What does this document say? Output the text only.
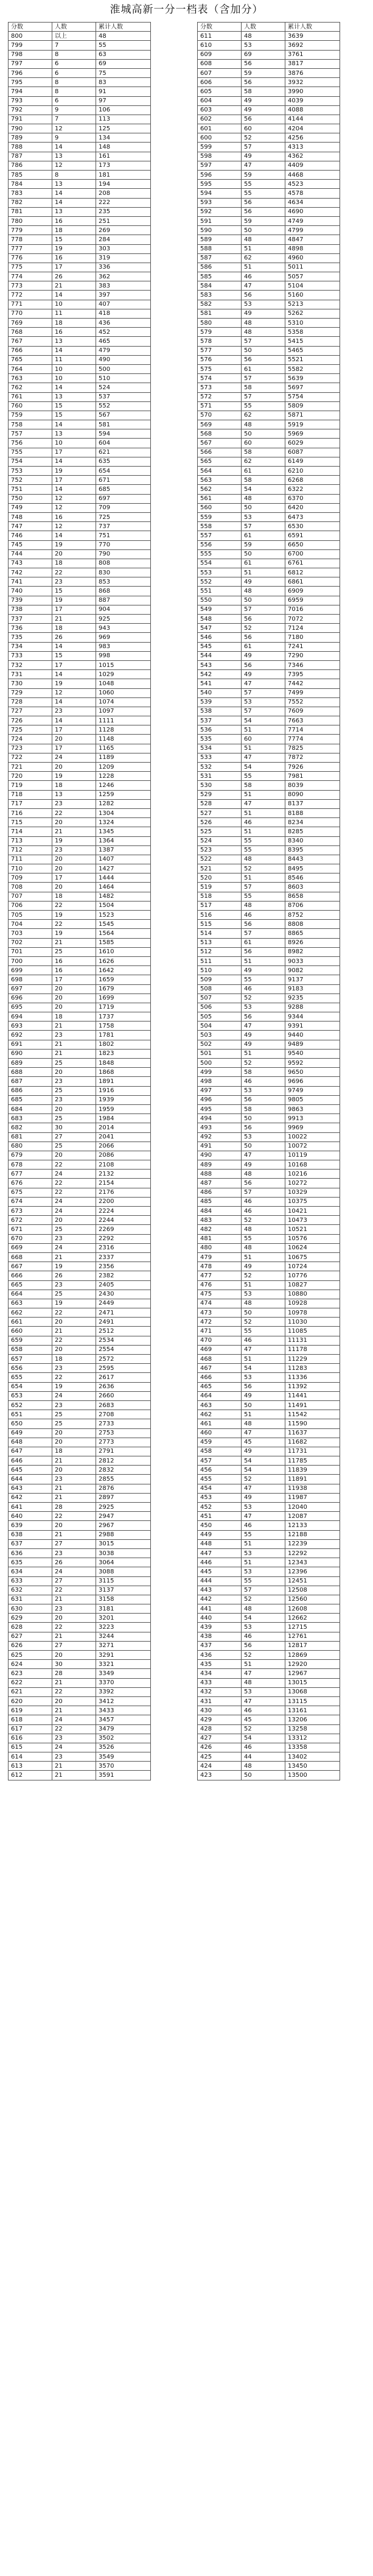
淮城高新一分一档表（含加分）
分数	人数	累计人数
800	以上	48
799	7	55
798	8	63
797	6	69
796	6	75
795	8	83
794	8	91
793	6	97
792	9	106
791	7	113
790	12	125
789	9	134
788	14	148
787	13	161
786	12	173
785	8	181
784	13	194
783	14	208
782	14	222
781	13	235
780	16	251
779	18	269
778	15	284
777	19	303
776	16	319
775	17	336
774	26	362
773	21	383
772	14	397
771	10	407
770	11	418
769	18	436
768	16	452
767	13	465
766	14	479
765	11	490
764	10	500
763	10	510
762	14	524
761	13	537
760	15	552
759	15	567
758	14	581
757	13	594
756	10	604
755	17	621
754	14	635
753	19	654
752	17	671
751	14	685
750	12	697
749	12	709
748	16	725
747	12	737
746	14	751
745	19	770
744	20	790
743	18	808
742	22	830
741	23	853
740	15	868
739	19	887
738	17	904
737	21	925
736	18	943
735	26	969
734	14	983
733	15	998
732	17	1015
731	14	1029
730	19	1048
729	12	1060
728	14	1074
727	23	1097
726	14	1111
725	17	1128
724	20	1148
723	17	1165
722	24	1189
721	20	1209
720	19	1228
719	18	1246
718	13	1259
717	23	1282
716	22	1304
715	20	1324
714	21	1345
713	19	1364
712	23	1387
711	20	1407
710	20	1427
709	17	1444
708	20	1464
707	18	1482
706	22	1504
705	19	1523
704	22	1545
703	19	1564
702	21	1585
701	25	1610
700	16	1626
699	16	1642
698	17	1659
697	20	1679
696	20	1699
695	20	1719
694	18	1737
693	21	1758
692	23	1781
691	21	1802
690	21	1823
689	25	1848
688	20	1868
687	23	1891
686	25	1916
685	23	1939
684	20	1959
683	25	1984
682	30	2014
681	27	2041
680	25	2066
679	20	2086
678	22	2108
677	24	2132
676	22	2154
675	22	2176
674	24	2200
673	24	2224
672	20	2244
671	25	2269
670	23	2292
669	24	2316
668	21	2337
667	19	2356
666	26	2382
665	23	2405
664	25	2430
663	19	2449
662	22	2471
661	20	2491
660	21	2512
659	22	2534
658	20	2554
657	18	2572
656	23	2595
655	22	2617
654	19	2636
653	24	2660
652	23	2683
651	25	2708
650	25	2733
649	20	2753
648	20	2773
647	18	2791
646	21	2812
645	20	2832
644	23	2855
643	21	2876
642	21	2897
641	28	2925
640	22	2947
639	20	2967
638	21	2988
637	27	3015
636	23	3038
635	26	3064
634	24	3088
633	27	3115
632	22	3137
631	21	3158
630	23	3181
629	20	3201
628	22	3223
627	21	3244
626	27	3271
625	20	3291
624	30	3321
623	28	3349
622	21	3370
621	22	3392
620	20	3412
619	21	3433
618	24	3457
617	22	3479
616	23	3502
615	24	3526
614	23	3549
613	21	3570
612	21	3591
分数	人数	累计人数
611	48	3639
610	53	3692
609	69	3761
608	56	3817
607	59	3876
606	56	3932
605	58	3990
604	49	4039
603	49	4088
602	56	4144
601	60	4204
600	52	4256
599	57	4313
598	49	4362
597	47	4409
596	59	4468
595	55	4523
594	55	4578
593	56	4634
592	56	4690
591	59	4749
590	50	4799
589	48	4847
588	51	4898
587	62	4960
586	51	5011
585	46	5057
584	47	5104
583	56	5160
582	53	5213
581	49	5262
580	48	5310
579	48	5358
578	57	5415
577	50	5465
576	56	5521
575	61	5582
574	57	5639
573	58	5697
572	57	5754
571	55	5809
570	62	5871
569	48	5919
568	50	5969
567	60	6029
566	58	6087
565	62	6149
564	61	6210
563	58	6268
562	54	6322
561	48	6370
560	50	6420
559	53	6473
558	57	6530
557	61	6591
556	59	6650
555	50	6700
554	61	6761
553	51	6812
552	49	6861
551	48	6909
550	50	6959
549	57	7016
548	56	7072
547	52	7124
546	56	7180
545	61	7241
544	49	7290
543	56	7346
542	49	7395
541	47	7442
540	57	7499
539	53	7552
538	57	7609
537	54	7663
536	51	7714
535	60	7774
534	51	7825
533	47	7872
532	54	7926
531	55	7981
530	58	8039
529	51	8090
528	47	8137
527	51	8188
526	46	8234
525	51	8285
524	55	8340
523	55	8395
522	48	8443
521	52	8495
520	51	8546
519	57	8603
518	55	8658
517	48	8706
516	46	8752
515	56	8808
514	57	8865
513	61	8926
512	56	8982
511	51	9033
510	49	9082
509	55	9137
508	46	9183
507	52	9235
506	53	9288
505	56	9344
504	47	9391
503	49	9440
502	49	9489
501	51	9540
500	52	9592
499	58	9650
498	46	9696
497	53	9749
496	56	9805
495	58	9863
494	50	9913
493	56	9969
492	53	10022
491	50	10072
490	47	10119
489	49	10168
488	48	10216
487	56	10272
486	57	10329
485	46	10375
484	46	10421
483	52	10473
482	48	10521
481	55	10576
480	48	10624
479	51	10675
478	49	10724
477	52	10776
476	51	10827
475	53	10880
474	48	10928
473	50	10978
472	52	11030
471	55	11085
470	46	11131
469	47	11178
468	51	11229
467	54	11283
466	53	11336
465	56	11392
464	49	11441
463	50	11491
462	51	11542
461	48	11590
460	47	11637
459	45	11682
458	49	11731
457	54	11785
456	54	11839
455	52	11891
454	47	11938
453	49	11987
452	53	12040
451	47	12087
450	46	12133
449	55	12188
448	51	12239
447	53	12292
446	51	12343
445	53	12396
444	55	12451
443	57	12508
442	52	12560
441	48	12608
440	54	12662
439	53	12715
438	46	12761
437	56	12817
436	52	12869
435	51	12920
434	47	12967
433	48	13015
432	53	13068
431	47	13115
430	46	13161
429	45	13206
428	52	13258
427	54	13312
426	46	13358
425	44	13402
424	48	13450
423	50	13500
